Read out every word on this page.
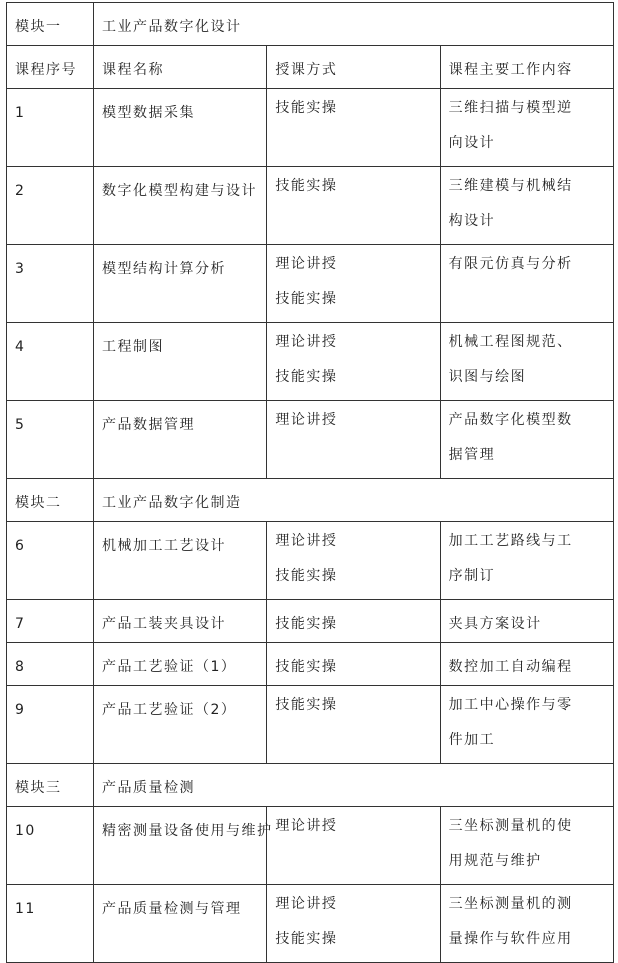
模块一	工业产品数字化设计		
课程序号	课程名称	授课方式	课程主要工作内容
1	模型数据采集	技能实操	三维扫描与模型逆
向设计

2	数字化模型构建与设计	技能实操	三维建模与机械结
构设计

3	模型结构计算分析	理论讲授
技能实操	有限元仿真与分析

4	工程制图	理论讲授
技能实操	机械工程图规范、
识图与绘图

5	产品数据管理	理论讲授	产品数字化模型数
据管理

模块二	工业产品数字化制造		
6	机械加工工艺设计	理论讲授
技能实操	加工工艺路线与工
序制订

7	产品工装夹具设计	技能实操	夹具方案设计
8	产品工艺验证（1）	技能实操	数控加工自动编程
9	产品工艺验证（2）	技能实操	加工中心操作与零
件加工

模块三	产品质量检测		
10	精密测量设备使用与维护	理论讲授	三坐标测量机的使
用规范与维护

11	产品质量检测与管理	理论讲授
技能实操	三坐标测量机的测
量操作与软件应用
